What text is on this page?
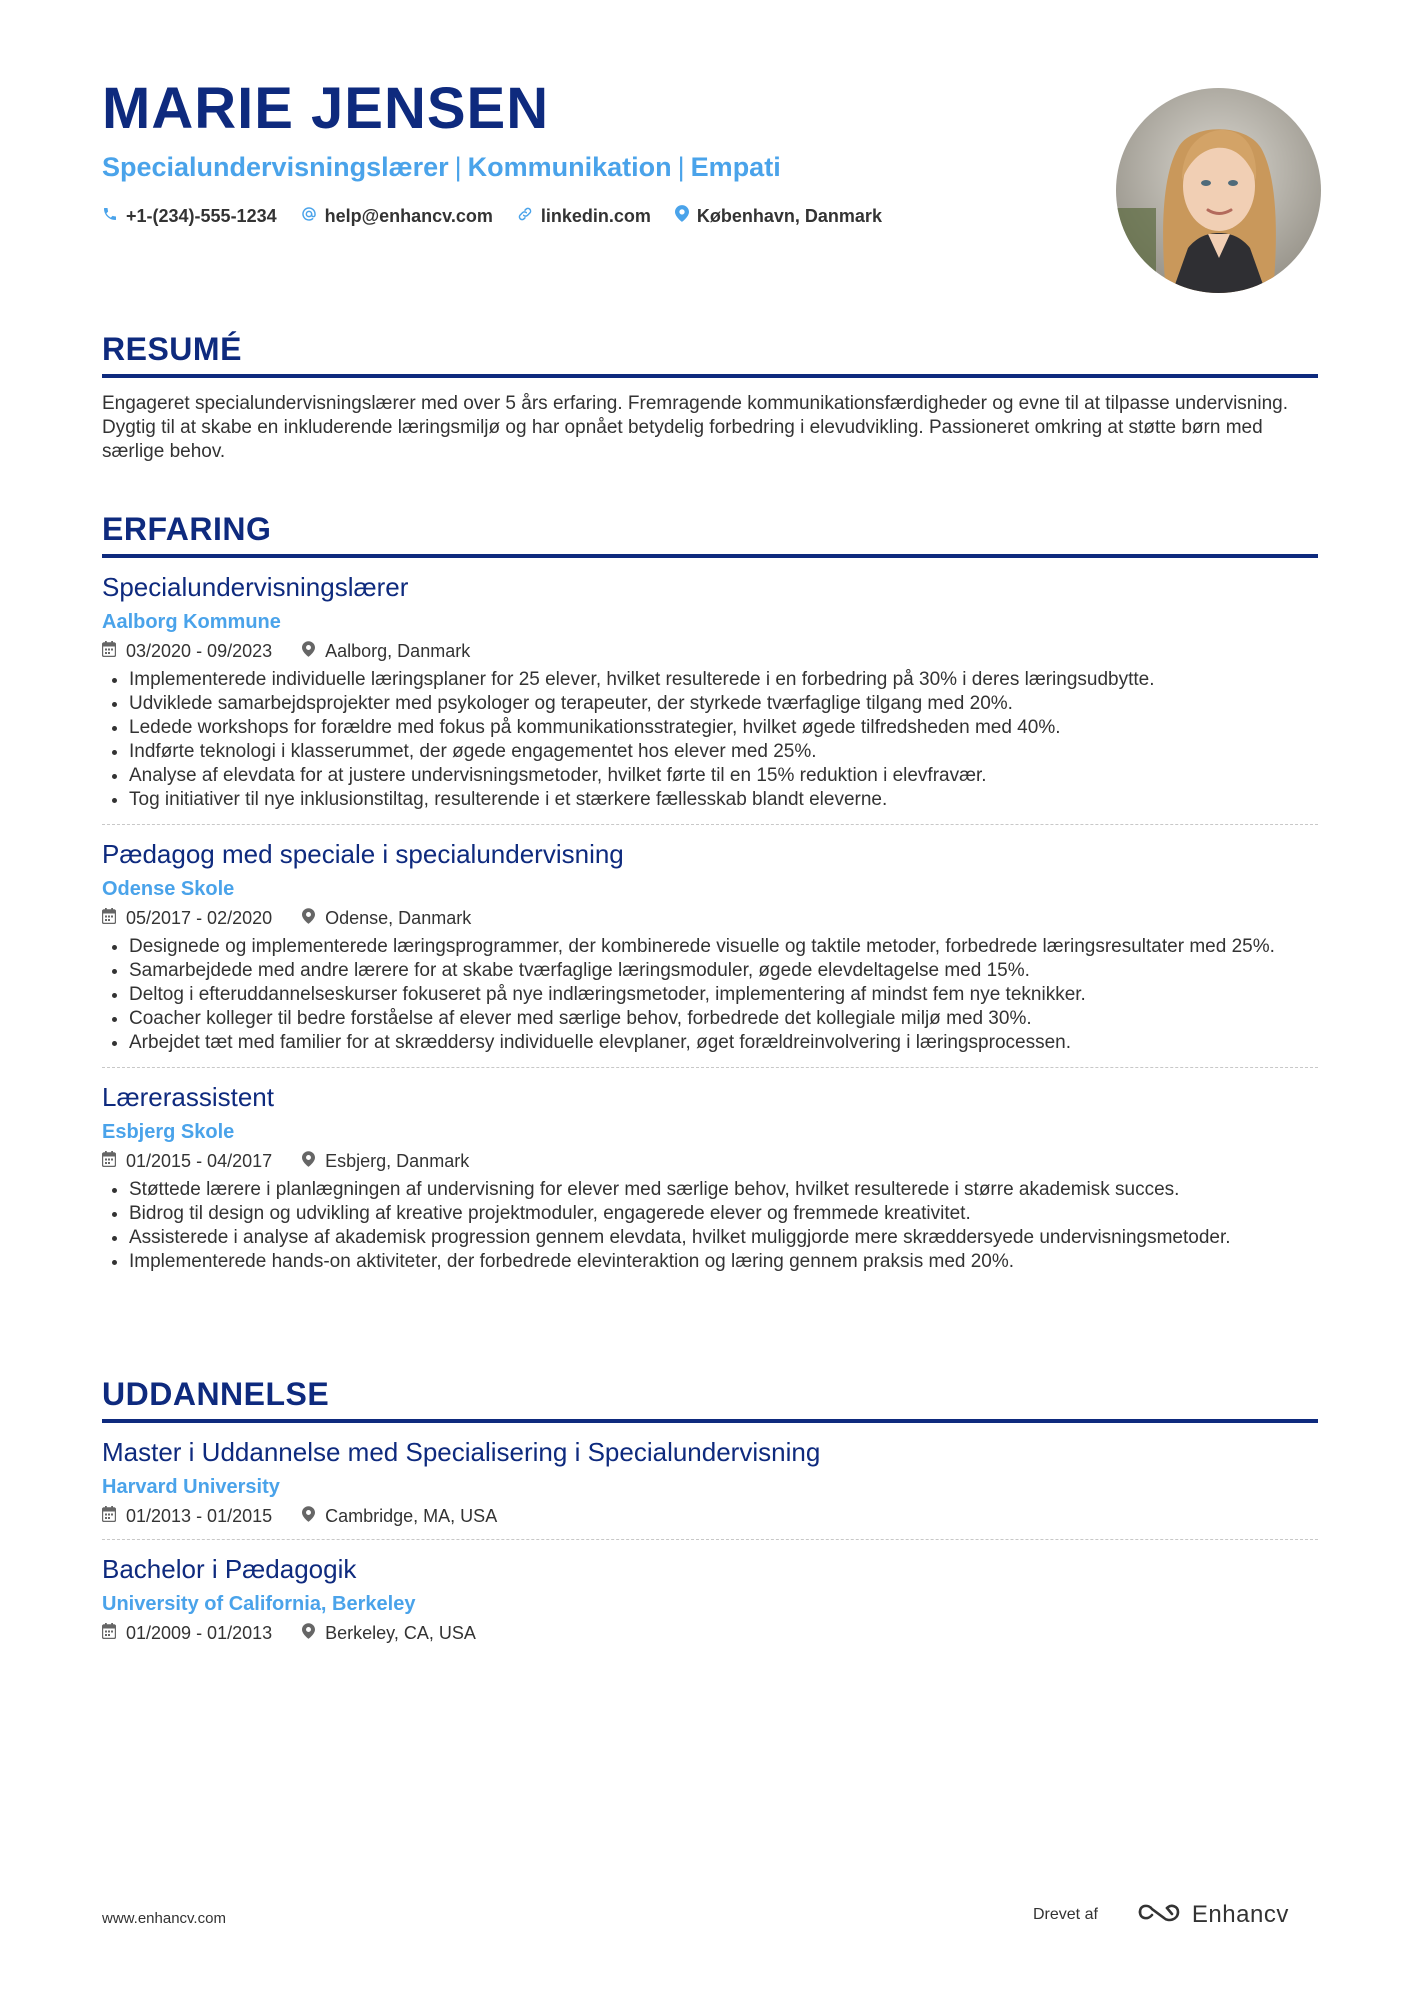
MARIE JENSEN
Specialundervisningslærer | Kommunikation | Empati
+1-(234)-555-1234	help@enhancv.com	linkedin.com	København, Danmark
RESUMÉ
Engageret specialundervisningslærer med over 5 års erfaring. Fremragende kommunikationsfærdigheder og evne til at tilpasse undervisning. Dygtig til at skabe en inkluderende læringsmiljø og har opnået betydelig forbedring i elevudvikling. Passioneret omkring at støtte børn med særlige behov.
ERFARING
Specialundervisningslærer
Aalborg Kommune
03/2020 - 09/2023	Aalborg, Danmark
• Implementerede individuelle læringsplaner for 25 elever, hvilket resulterede i en forbedring på 30% i deres læringsudbytte.
• Udviklede samarbejdsprojekter med psykologer og terapeuter, der styrkede tværfaglige tilgang med 20%.
• Ledede workshops for forældre med fokus på kommunikationsstrategier, hvilket øgede tilfredsheden med 40%.
• Indførte teknologi i klasserummet, der øgede engagementet hos elever med 25%.
• Analyse af elevdata for at justere undervisningsmetoder, hvilket førte til en 15% reduktion i elevfravær.
• Tog initiativer til nye inklusionstiltag, resulterende i et stærkere fællesskab blandt eleverne.
Pædagog med speciale i specialundervisning
Odense Skole
05/2017 - 02/2020	Odense, Danmark
• Designede og implementerede læringsprogrammer, der kombinerede visuelle og taktile metoder, forbedrede læringsresultater med 25%.
• Samarbejdede med andre lærere for at skabe tværfaglige læringsmoduler, øgede elevdeltagelse med 15%.
• Deltog i efteruddannelseskurser fokuseret på nye indlæringsmetoder, implementering af mindst fem nye teknikker.
• Coacher kolleger til bedre forståelse af elever med særlige behov, forbedrede det kollegiale miljø med 30%.
• Arbejdet tæt med familier for at skræddersy individuelle elevplaner, øget forældreinvolvering i læringsprocessen.
Lærerassistent
Esbjerg Skole
01/2015 - 04/2017	Esbjerg, Danmark
• Støttede lærere i planlægningen af undervisning for elever med særlige behov, hvilket resulterede i større akademisk succes.
• Bidrog til design og udvikling af kreative projektmoduler, engagerede elever og fremmede kreativitet.
• Assisterede i analyse af akademisk progression gennem elevdata, hvilket muliggjorde mere skræddersyede undervisningsmetoder.
• Implementerede hands-on aktiviteter, der forbedrede elevinteraktion og læring gennem praksis med 20%.
UDDANNELSE
Master i Uddannelse med Specialisering i Specialundervisning
Harvard University
01/2013 - 01/2015	Cambridge, MA, USA
Bachelor i Pædagogik
University of California, Berkeley
01/2009 - 01/2013	Berkeley, CA, USA
www.enhancv.com	Drevet af	Enhancv
